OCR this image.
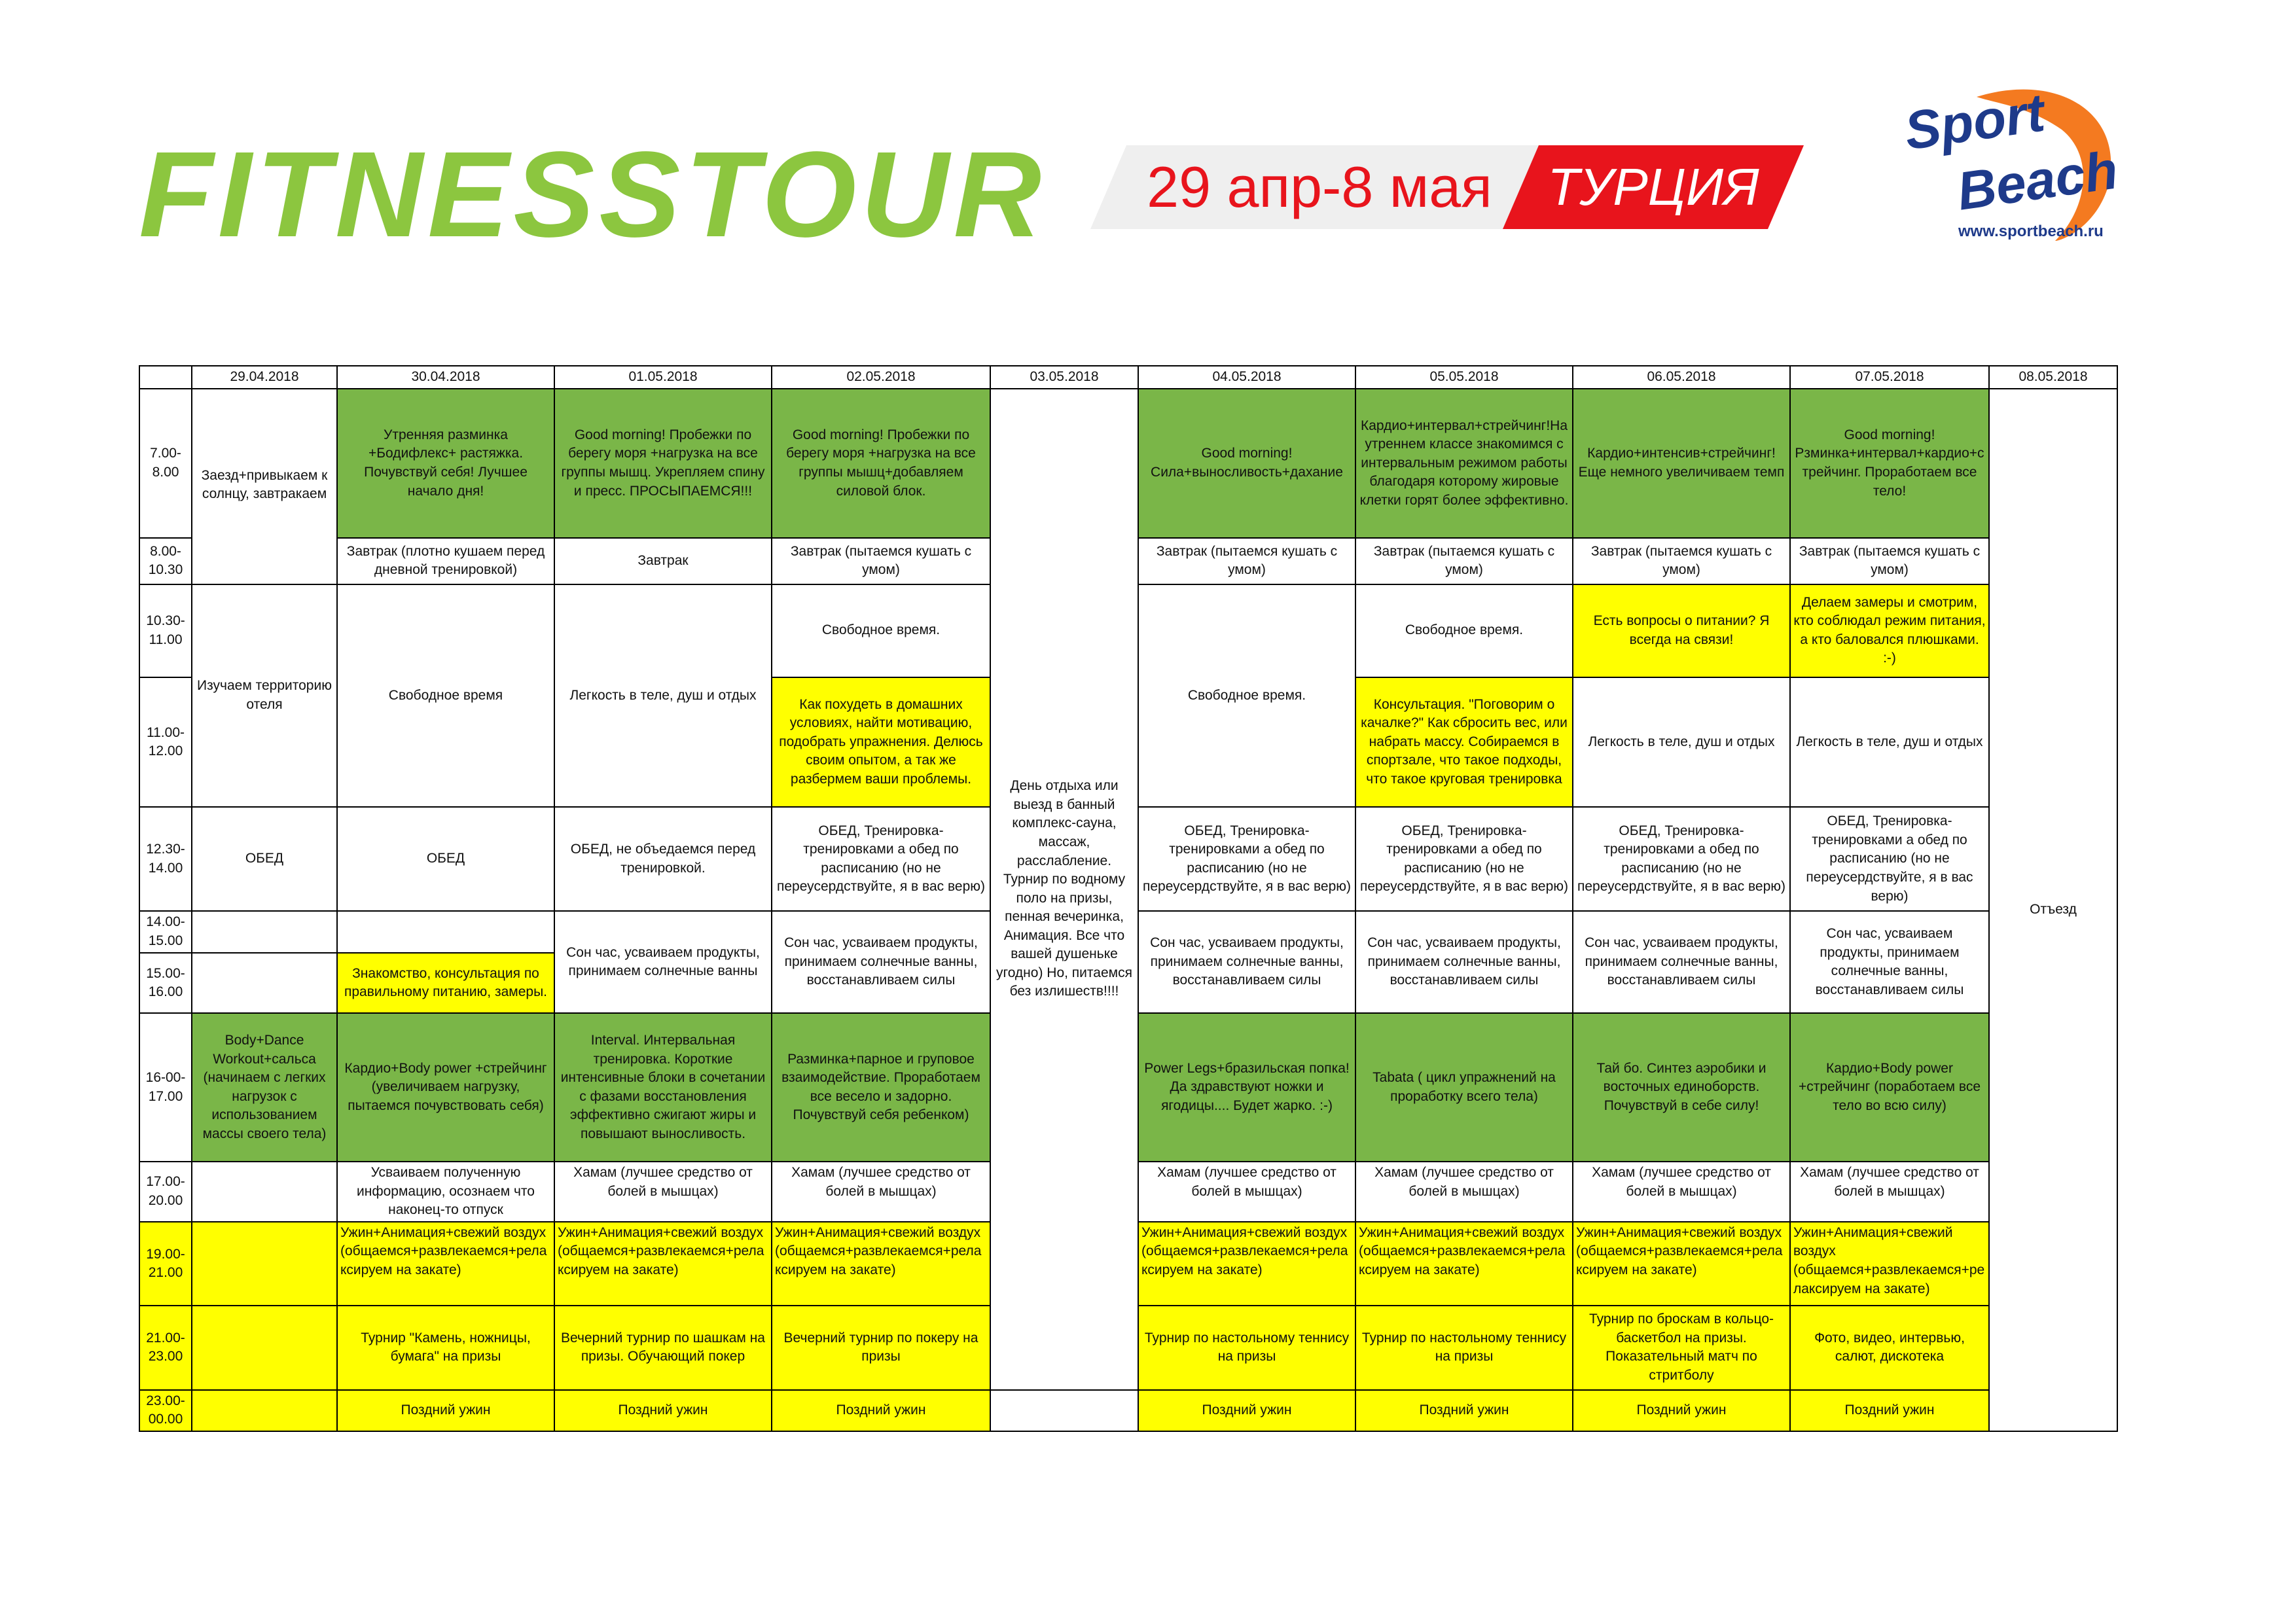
FITNESSTOUR	29 апр-8 мая	ТУРЦИЯ
Sport
Beach
www.sportbeach.ru
	29.04.2018	30.04.2018	01.05.2018	02.05.2018	03.05.2018	04.05.2018	05.05.2018	06.05.2018	07.05.2018	08.05.2018
7.00-8.00	Заезд+привыкаем к солнцу, завтракаем	Утренняя разминка +Бодифлекс+ растяжка. Почувствуй себя! Лучшее начало дня!	Good morning! Пробежки по берегу моря +нагрузка на все группы мышц. Укрепляем спину и пресс. ПРОСЫПАЕМСЯ!!!	Good morning! Пробежки по берегу моря +нагрузка на все группы мышц+добавляем силовой блок.	День отдыха или выезд в банный комплекс-сауна, массаж, расслабление. Турнир по водному поло на призы, пенная вечеринка, Анимация. Все что вашей душеньке угодно) Но, питаемся без излишеств!!!!	Good morning! Сила+выносливость+дахание	Кардио+интервал+стрейчинг!На утреннем классе знакомимся с интервальным режимом работы благодаря которому жировые клетки горят более эффективно.	Кардио+интенсив+стрейчинг! Еще немного увеличиваем темп	Good morning! Рзминка+интервал+кардио+стрейчинг. Проработаем все тело!	Отъезд
8.00-10.30		Завтрак (плотно кушаем перед дневной тренировкой)	Завтрак	Завтрак (пытаемся кушать с умом)		Завтрак (пытаемся кушать с умом)	Завтрак (пытаемся кушать с умом)	Завтрак (пытаемся кушать с умом)	Завтрак (пытаемся кушать с умом)	
10.30-11.00	Изучаем территорию отеля	Свободное время	Легкость в теле, душ и отдых	Свободное время.		Свободное время.	Свободное время.	Есть вопросы о питании? Я всегда на связи!	Делаем замеры и смотрим, кто соблюдал режим питания, а кто баловался плюшками. :-)	
11.00-12.00				Как похудеть в домашних условиях, найти мотивацию, подобрать упражнения. Делюсь своим опытом, а так же разбермем ваши проблемы.			Консультация. "Поговорим о качалке?" Как сбросить вес, или набрать массу. Собираемся в спортзале, что такое подходы, что такое круговая тренировка	Легкость в теле, душ и отдых	Легкость в теле, душ и отдых	
12.30-14.00	ОБЕД	ОБЕД	ОБЕД, не объедаемся перед тренировкой.	ОБЕД, Тренировка-тренировками а обед по расписанию (но не переусердствуйте, я в вас верю)		ОБЕД, Тренировка-тренировками а обед по расписанию (но не переусердствуйте, я в вас верю)	ОБЕД, Тренировка-тренировками а обед по расписанию (но не переусердствуйте, я в вас верю)	ОБЕД, Тренировка-тренировками а обед по расписанию (но не переусердствуйте, я в вас верю)	ОБЕД, Тренировка-тренировками а обед по расписанию (но не переусердствуйте, я в вас верю)	
14.00-15.00			Сон час, усваиваем продукты, принимаем солнечные ванны	Сон час, усваиваем продукты, принимаем солнечные ванны, восстанавливаем силы		Сон час, усваиваем продукты, принимаем солнечные ванны, восстанавливаем силы	Сон час, усваиваем продукты, принимаем солнечные ванны, восстанавливаем силы	Сон час, усваиваем продукты, принимаем солнечные ванны, восстанавливаем силы	Сон час, усваиваем продукты, принимаем солнечные ванны, восстанавливаем силы	
15.00-16.00		Знакомство, консультация по правильному питанию, замеры.								
16-00-17.00	Body+Dance Workout+сальса (начинаем с легких нагрузок с использованием массы своего тела)	Кардио+Body power +стрейчинг (увеличиваем нагрузку, пытаемся почувствовать себя)	Interval. Интервальная тренировка. Короткие интенсивные блоки в сочетании с фазами восстановления эффективно сжигают жиры и повышают выносливость.	Разминка+парное и груповое взаимодействие. Проработаем все весело и задорно. Почувствуй себя ребенком)		Power Legs+бразильская попка! Да здравствуют ножки и ягодицы.... Будет жарко. :-)	Tabata ( цикл упражнений на проработку всего тела)	Тай бо. Синтез аэробики и восточных единоборств. Почувствуй в себе силу!	Кардио+Body power +стрейчинг (поработаем все тело во всю силу)	
17.00-20.00		Усваиваем полученную информацию, осознаем что наконец-то отпуск	Хамам (лучшее средство от болей в мышцах)	Хамам (лучшее средство от болей в мышцах)		Хамам (лучшее средство от болей в мышцах)	Хамам (лучшее средство от болей в мышцах)	Хамам (лучшее средство от болей в мышцах)	Хамам (лучшее средство от болей в мышцах)	
19.00-21.00		Ужин+Анимация+свежий воздух (общаемся+развлекаемся+релаксируем на закате)	Ужин+Анимация+свежий воздух (общаемся+развлекаемся+релаксируем на закате)	Ужин+Анимация+свежий воздух (общаемся+развлекаемся+релаксируем на закате)		Ужин+Анимация+свежий воздух (общаемся+развлекаемся+релаксируем на закате)	Ужин+Анимация+свежий воздух (общаемся+развлекаемся+релаксируем на закате)	Ужин+Анимация+свежий воздух (общаемся+развлекаемся+релаксируем на закате)	Ужин+Анимация+свежий воздух (общаемся+развлекаемся+релаксируем на закате)	
21.00-23.00		Турнир "Камень, ножницы, бумага" на призы	Вечерний турнир по шашкам на призы. Обучающий покер	Вечерний турнир по покеру на призы		Турнир по настольному теннису на призы	Турнир по настольному теннису на призы	Турнир по броскам в кольцо-баскетбол на призы. Показательный матч по стритболу	Фото, видео, интервью, салют, дискотека	
23.00-00.00		Поздний ужин	Поздний ужин	Поздний ужин		Поздний ужин	Поздний ужин	Поздний ужин	Поздний ужин	
